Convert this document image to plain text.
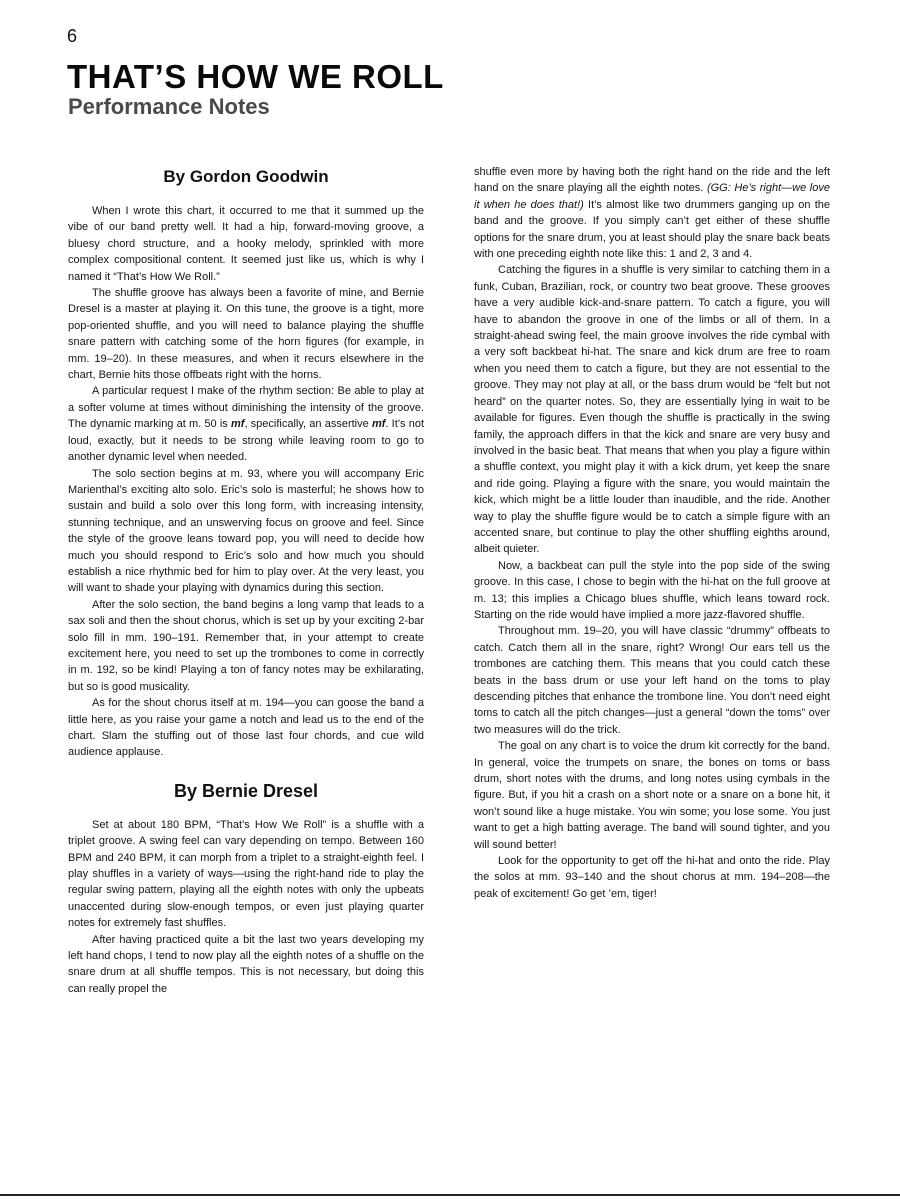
6
THAT’S HOW WE ROLL
Performance Notes
By Gordon Goodwin

When I wrote this chart, it occurred to me that it summed up the vibe of our band pretty well. It had a hip, forward-moving groove, a bluesy chord structure, and a hooky melody, sprinkled with more complex compositional content. It seemed just like us, which is why I named it “That’s How We Roll.”

The shuffle groove has always been a favorite of mine, and Bernie Dresel is a master at playing it. On this tune, the groove is a tight, more pop-oriented shuffle, and you will need to balance playing the shuffle snare pattern with catching some of the horn figures (for example, in mm. 19–20). In these measures, and when it recurs elsewhere in the chart, Bernie hits those offbeats right with the horns.

A particular request I make of the rhythm section: Be able to play at a softer volume at times without diminishing the intensity of the groove. The dynamic marking at m. 50 is mf, specifically, an assertive mf. It’s not loud, exactly, but it needs to be strong while leaving room to go to another dynamic level when needed.

The solo section begins at m. 93, where you will accompany Eric Marienthal’s exciting alto solo. Eric’s solo is masterful; he shows how to sustain and build a solo over this long form, with increasing intensity, stunning technique, and an unswerving focus on groove and feel. Since the style of the groove leans toward pop, you will need to decide how much you should respond to Eric’s solo and how much you should establish a nice rhythmic bed for him to play over. At the very least, you will want to shade your playing with dynamics during this section.

After the solo section, the band begins a long vamp that leads to a sax soli and then the shout chorus, which is set up by your exciting 2-bar solo fill in mm. 190–191. Remember that, in your attempt to create excitement here, you need to set up the trombones to come in correctly in m. 192, so be kind! Playing a ton of fancy notes may be exhilarating, but so is good musicality.

As for the shout chorus itself at m. 194—you can goose the band a little here, as you raise your game a notch and lead us to the end of the chart. Slam the stuffing out of those last four chords, and cue wild audience applause.

By Bernie Dresel

Set at about 180 BPM, “That’s How We Roll” is a shuffle with a triplet groove. A swing feel can vary depending on tempo. Between 160 BPM and 240 BPM, it can morph from a triplet to a straight-eighth feel. I play shuffles in a variety of ways—using the right-hand ride to play the regular swing pattern, playing all the eighth notes with only the upbeats unaccented during slow-enough tempos, or even just playing quarter notes for extremely fast shuffles.

After having practiced quite a bit the last two years developing my left hand chops, I tend to now play all the eighth notes of a shuffle on the snare drum at all shuffle tempos. This is not necessary, but doing this can really propel the

shuffle even more by having both the right hand on the ride and the left hand on the snare playing all the eighth notes. (GG: He’s right—we love it when he does that!) It’s almost like two drummers ganging up on the band and the groove. If you simply can’t get either of these shuffle options for the snare drum, you at least should play the snare back beats with one preceding eighth note like this: 1 and 2, 3 and 4.

Catching the figures in a shuffle is very similar to catching them in a funk, Cuban, Brazilian, rock, or country two beat groove. These grooves have a very audible kick-and-snare pattern. To catch a figure, you will have to abandon the groove in one of the limbs or all of them. In a straight-ahead swing feel, the main groove involves the ride cymbal with a very soft backbeat hi-hat. The snare and kick drum are free to roam when you need them to catch a figure, but they are not essential to the groove. They may not play at all, or the bass drum would be “felt but not heard” on the quarter notes. So, they are essentially lying in wait to be available for figures. Even though the shuffle is practically in the swing family, the approach differs in that the kick and snare are very busy and involved in the basic beat. That means that when you play a figure within a shuffle context, you might play it with a kick drum, yet keep the snare and ride going. Playing a figure with the snare, you would maintain the kick, which might be a little louder than inaudible, and the ride. Another way to play the shuffle figure would be to catch a simple figure with an accented snare, but continue to play the other shuffling eighths around, albeit quieter.

Now, a backbeat can pull the style into the pop side of the swing groove. In this case, I chose to begin with the hi-hat on the full groove at m. 13; this implies a Chicago blues shuffle, which leans toward rock. Starting on the ride would have implied a more jazz-flavored shuffle.

Throughout mm. 19–20, you will have classic “drummy” offbeats to catch. Catch them all in the snare, right? Wrong! Our ears tell us the trombones are catching them. This means that you could catch these beats in the bass drum or use your left hand on the toms to play descending pitches that enhance the trombone line. You don’t need eight toms to catch all the pitch changes—just a general “down the toms” over two measures will do the trick.

The goal on any chart is to voice the drum kit correctly for the band. In general, voice the trumpets on snare, the bones on toms or bass drum, short notes with the drums, and long notes using cymbals in the figure. But, if you hit a crash on a short note or a snare on a bone hit, it won’t sound like a huge mistake. You win some; you lose some. You just want to get a high batting average. The band will sound tighter, and you will sound better!

Look for the opportunity to get off the hi-hat and onto the ride. Play the solos at mm. 93–140 and the shout chorus at mm. 194–208—the peak of excitement! Go get ’em, tiger!
